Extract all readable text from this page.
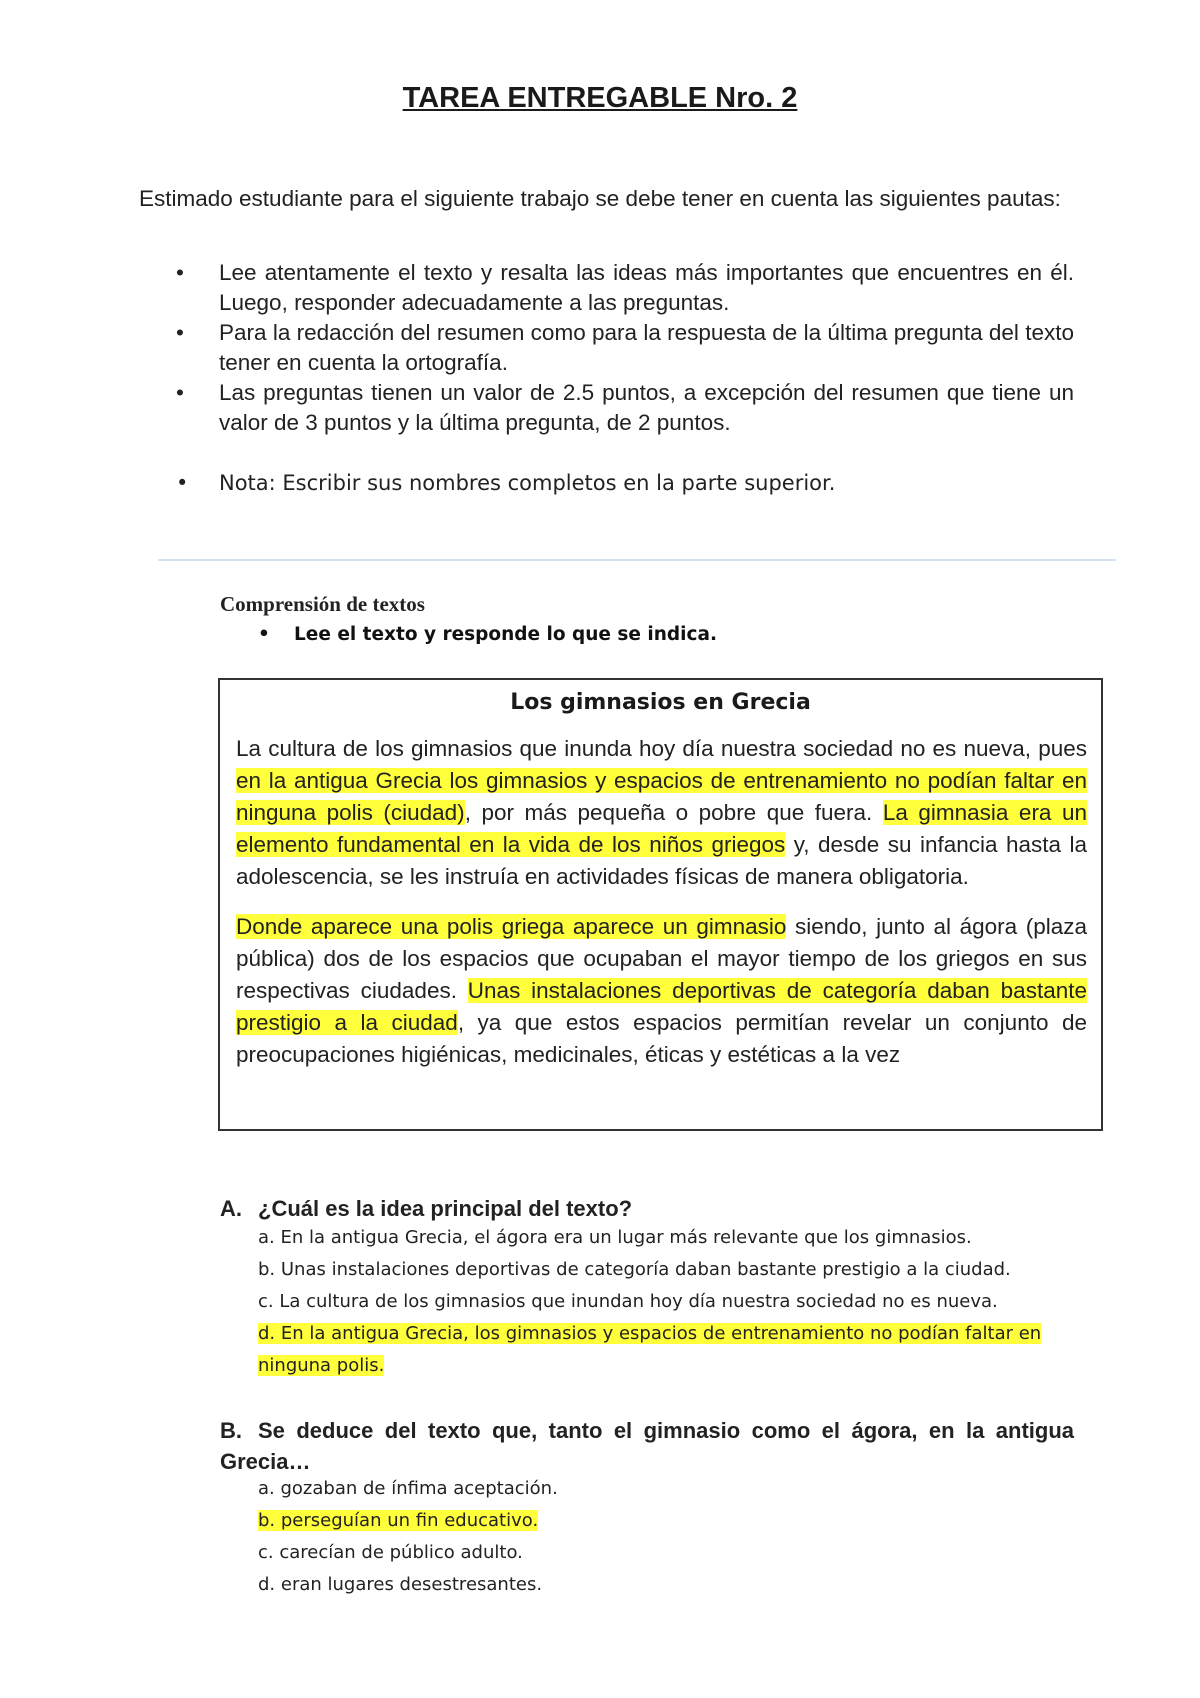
TAREA ENTREGABLE Nro. 2
Estimado estudiante para el siguiente trabajo se debe tener en cuenta las siguientes pautas:
• Lee atentamente el texto y resalta las ideas más importantes que encuentres en él. Luego, responder adecuadamente a las preguntas.
• Para la redacción del resumen como para la respuesta de la última pregunta del texto tener en cuenta la ortografía.
• Las preguntas tienen un valor de 2.5 puntos, a excepción del resumen que tiene un valor de 3 puntos y la última pregunta, de 2 puntos.
• Nota: Escribir sus nombres completos en la parte superior.
Comprensión de textos
• Lee el texto y responde lo que se indica.
Los gimnasios en Grecia

La cultura de los gimnasios que inunda hoy día nuestra sociedad no es nueva, pues en la antigua Grecia los gimnasios y espacios de entrenamiento no podían faltar en ninguna polis (ciudad), por más pequeña o pobre que fuera. La gimnasia era un elemento fundamental en la vida de los niños griegos y, desde su infancia hasta la adolescencia, se les instruía en actividades físicas de manera obligatoria.

Donde aparece una polis griega aparece un gimnasio siendo, junto al ágora (plaza pública) dos de los espacios que ocupaban el mayor tiempo de los griegos en sus respectivas ciudades. Unas instalaciones deportivas de categoría daban bastante prestigio a la ciudad, ya que estos espacios permitían revelar un conjunto de preocupaciones higiénicas, medicinales, éticas y estéticas a la vez

A. ¿Cuál es la idea principal del texto?
a. En la antigua Grecia, el ágora era un lugar más relevante que los gimnasios.
b. Unas instalaciones deportivas de categoría daban bastante prestigio a la ciudad.
c. La cultura de los gimnasios que inundan hoy día nuestra sociedad no es nueva.
d. En la antigua Grecia, los gimnasios y espacios de entrenamiento no podían faltar en ninguna polis.
B. Se deduce del texto que, tanto el gimnasio como el ágora, en la antigua Grecia…
a. gozaban de ínfima aceptación.
b. perseguían un fin educativo.
c. carecían de público adulto.
d. eran lugares desestresantes.
